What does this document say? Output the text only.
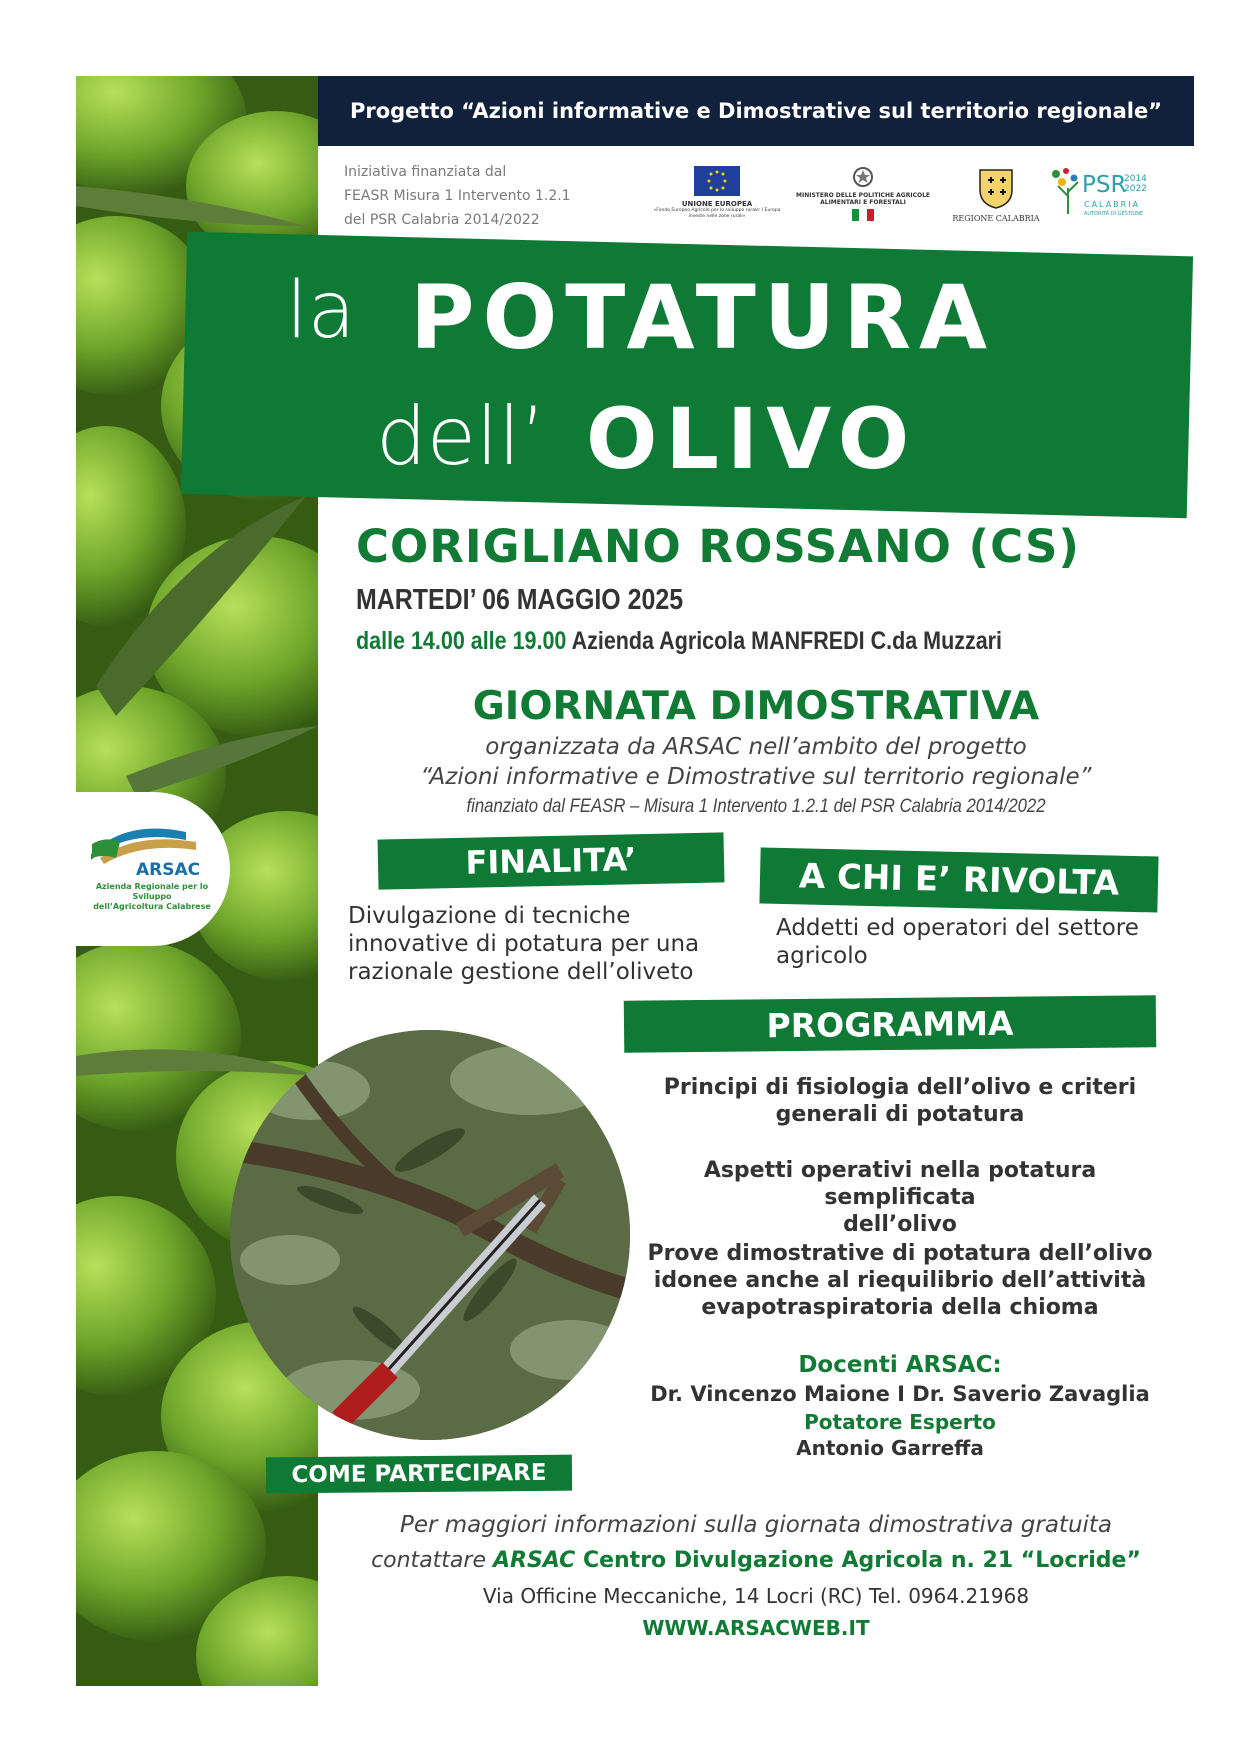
ARSAC
Azienda Regionale per lo Sviluppo
dell’Agricoltura Calabrese
Progetto “Azioni informative e Dimostrative sul territorio regionale”
Iniziativa finanziata dal
FEASR Misura 1 Intervento 1.2.1
del PSR Calabria 2014/2022
UNIONE EUROPEA
«Fondo Europeo Agricolo per lo sviluppo rurale: l’Europa investe nelle zone rurali»
MINISTERO DELLE POLITICHE AGRICOLE ALIMENTARI E FORESTALI
REGIONE CALABRIA
PSR
2014
2022
CALABRIA
AUTORITÀ DI GESTIONE
la POTATURA
dell’ OLIVO
CORIGLIANO ROSSANO (CS)
MARTEDI’ 06 MAGGIO 2025
dalle 14.00 alle 19.00 Azienda Agricola MANFREDI C.da Muzzari
GIORNATA DIMOSTRATIVA
organizzata da ARSAC nell’ambito del progetto
“Azioni informative e Dimostrative sul territorio regionale”
finanziato dal FEASR – Misura 1 Intervento 1.2.1 del PSR Calabria 2014/2022
FINALITA’
Divulgazione di tecniche
innovative di potatura per una
razionale gestione dell’oliveto
A CHI E’ RIVOLTA
Addetti ed operatori del settore
agricolo
PROGRAMMA
Principi di fisiologia dell’olivo e criteri
generali di potatura
Aspetti operativi nella potatura semplificata
dell’olivo
Prove dimostrative di potatura dell’olivo
idonee anche al riequilibrio dell’attività
evapotraspiratoria della chioma
Docenti ARSAC:
Dr. Vincenzo Maione I Dr. Saverio Zavaglia
Potatore Esperto
Antonio Garreffa
COME PARTECIPARE
Per maggiori informazioni sulla giornata dimostrativa gratuita
contattare ARSAC Centro Divulgazione Agricola n. 21 “Locride”
Via Officine Meccaniche, 14 Locri (RC) Tel. 0964.21968
WWW.ARSACWEB.IT
